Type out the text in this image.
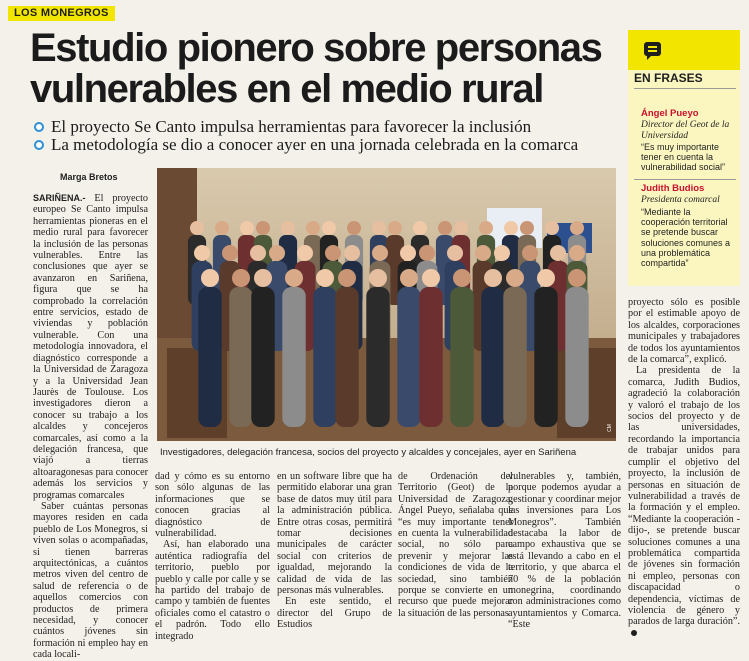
LOS MONEGROS
Estudio pionero sobre personas vulnerables en el medio rural
El proyecto Se Canto impulsa herramientas para favorecer la inclusión
La metodología se dio a conocer ayer en una jornada celebrada en la comarca
Marga Bretos

SARIÑENA.- El proyecto europeo Se Canto impulsa herramientas pioneras en el medio rural para favorecer la inclusión de las personas vulnerables. Entre las conclusiones que ayer se avanzaron en Sariñena, figura que se ha comprobado la correlación entre servicios, estado de viviendas y población vulnerable. Con una metodología innovadora, el diagnóstico corresponde a la Universidad de Zaragoza y a la Universidad Jean Jaurès de Toulouse. Los investigadores dieron a conocer su trabajo a los alcaldes y concejeros comarcales, así como a la delegación francesa, que viajó a tierras altoaragonesas para conocer además los servicios y programas comarcales

Saber cuántas personas mayores residen en cada pueblo de Los Monegros, si viven solas o acompañadas, si tienen barreras arquitectónicas, a cuántos metros viven del centro de salud de referencia o de aquellos comercios con productos de primera necesidad, y conocer cuántos jóvenes sin formación ni empleo hay en cada locali-

CM
Investigadores, delegación francesa, socios del proyecto y alcaldes y concejales, ayer en Sariñena

dad y cómo es su entorno son sólo algunas de las informaciones que se conocen gracias al diagnóstico de vulnerabilidad.

Así, han elaborado una auténtica radiografía del territorio, pueblo por pueblo y calle por calle y se ha partido del trabajo de campo y también de fuentes oficiales como el catastro o el padrón. Todo ello integrado

en un software libre que ha permitido elaborar una gran base de datos muy útil para la administración pública. Entre otras cosas, permitirá tomar decisiones municipales de carácter social con criterios de igualdad, mejorando la calidad de vida de las personas más vulnerables.

En este sentido, el director del Grupo de Estudios

de Ordenación del Territorio (Geot) de la Universidad de Zaragoza, Ángel Pueyo, señalaba que “es muy importante tener en cuenta la vulnerabilidad social, no sólo para prevenir y mejorar las condiciones de vida de la sociedad, sino también porque se convierte en un recurso que puede mejorar la situación de las personas

vulnerables y, también, porque podemos ayudar a gestionar y coordinar mejor las inversiones para Los Monegros”. También destacaba la labor de campo exhaustiva que se está llevando a cabo en el territorio, y que abarca el 70 % de la población monegrina, coordinando con administraciones como ayuntamientos y Comarca. “Este

EN FRASES
Ángel Pueyo
Director del Geot de la Universidad
“Es muy importante tener en cuenta la vulnerabilidad social”
Judith Budios
Presidenta comarcal
“Mediante la cooperación territorial se pretende buscar soluciones comunes a una problemática compartida”

proyecto sólo es posible por el estimable apoyo de los alcaldes, corporaciones municipales y trabajadores de todos los ayuntamientos de la comarca”, explicó.

La presidenta de la comarca, Judith Budios, agradeció la colaboración y valoró el trabajo de los socios del proyecto y de las universidades, recordando la importancia de trabajar unidos para cumplir el objetivo del proyecto, la inclusión de personas en situación de vulnerabilidad a través de la formación y el empleo. “Mediante la cooperación -dijo-, se pretende buscar soluciones comunes a una problemática compartida de jóvenes sin formación ni empleo, personas con discapacidad o dependencia, víctimas de violencia de género y parados de larga duración”.
